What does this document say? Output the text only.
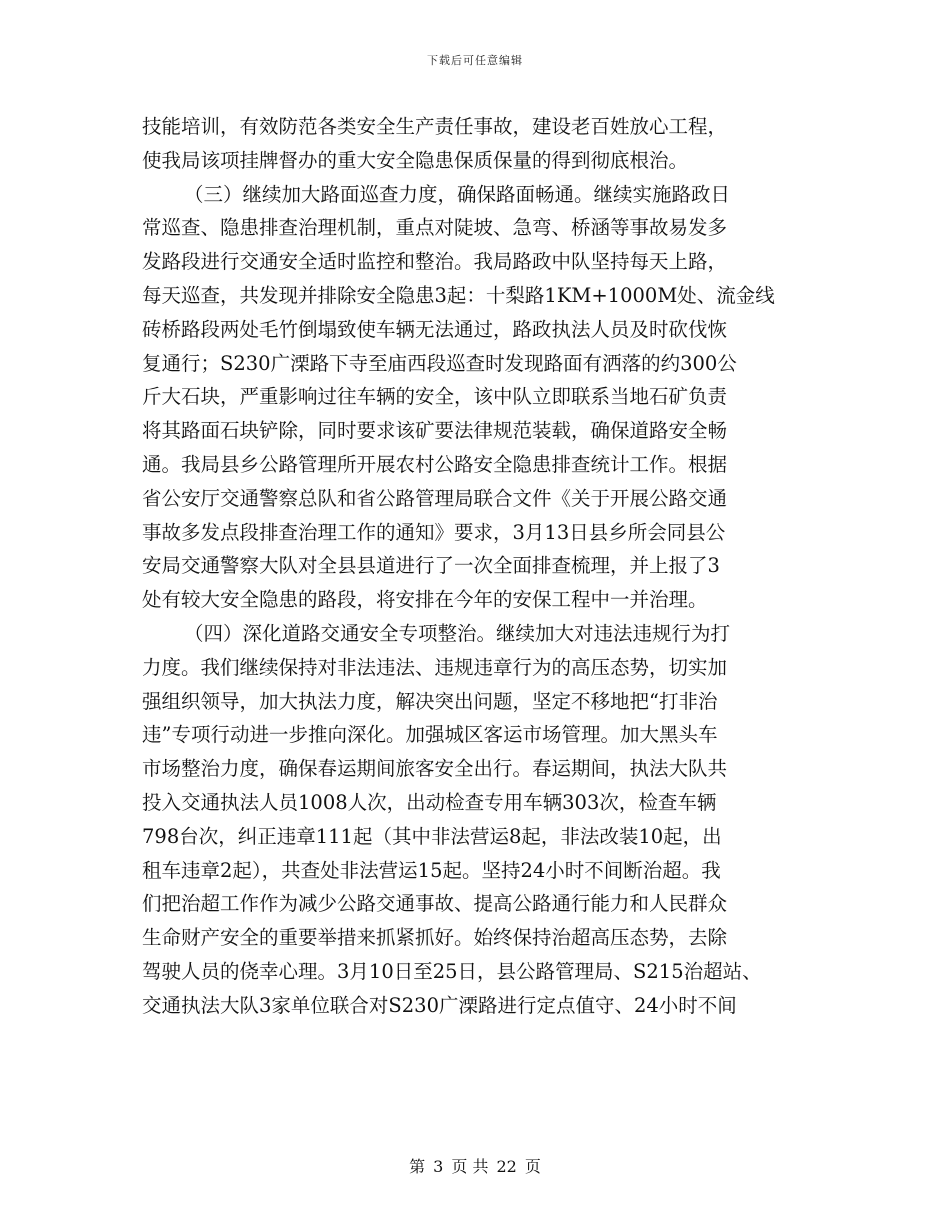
下载后可任意编辑
技能培训，有效防范各类安全生产责任事故，建设老百姓放心工程，
使我局该项挂牌督办的重大安全隐患保质保量的得到彻底根治。
（三）继续加大路面巡查力度，确保路面畅通。继续实施路政日
常巡查、隐患排查治理机制，重点对陡坡、急弯、桥涵等事故易发多
发路段进行交通安全适时监控和整治。我局路政中队坚持每天上路，
每天巡查，共发现并排除安全隐患3起：十梨路1KM+1000M处、流金线
砖桥路段两处毛竹倒塌致使车辆无法通过，路政执法人员及时砍伐恢
复通行；S230广溧路下寺至庙西段巡查时发现路面有洒落的约300公
斤大石块，严重影响过往车辆的安全，该中队立即联系当地石矿负责
将其路面石块铲除，同时要求该矿要法律规范装载，确保道路安全畅
通。我局县乡公路管理所开展农村公路安全隐患排查统计工作。根据
省公安厅交通警察总队和省公路管理局联合文件《关于开展公路交通
事故多发点段排查治理工作的通知》要求，3月13日县乡所会同县公
安局交通警察大队对全县县道进行了一次全面排查梳理，并上报了3
处有较大安全隐患的路段，将安排在今年的安保工程中一并治理。
（四）深化道路交通安全专项整治。继续加大对违法违规行为打
力度。我们继续保持对非法违法、违规违章行为的高压态势，切实加
强组织领导，加大执法力度，解决突出问题，坚定不移地把“打非治
违”专项行动进一步推向深化。加强城区客运市场管理。加大黑头车
市场整治力度，确保春运期间旅客安全出行。春运期间，执法大队共
投入交通执法人员1008人次，出动检查专用车辆303次，检查车辆
798台次，纠正违章111起（其中非法营运8起，非法改装10起，出
租车违章2起），共查处非法营运15起。坚持24小时不间断治超。我
们把治超工作作为减少公路交通事故、提高公路通行能力和人民群众
生命财产安全的重要举措来抓紧抓好。始终保持治超高压态势，去除
驾驶人员的侥幸心理。3月10日至25日，县公路管理局、S215治超站、
交通执法大队3家单位联合对S230广溧路进行定点值守、24小时不间
第 3 页 共 22 页
